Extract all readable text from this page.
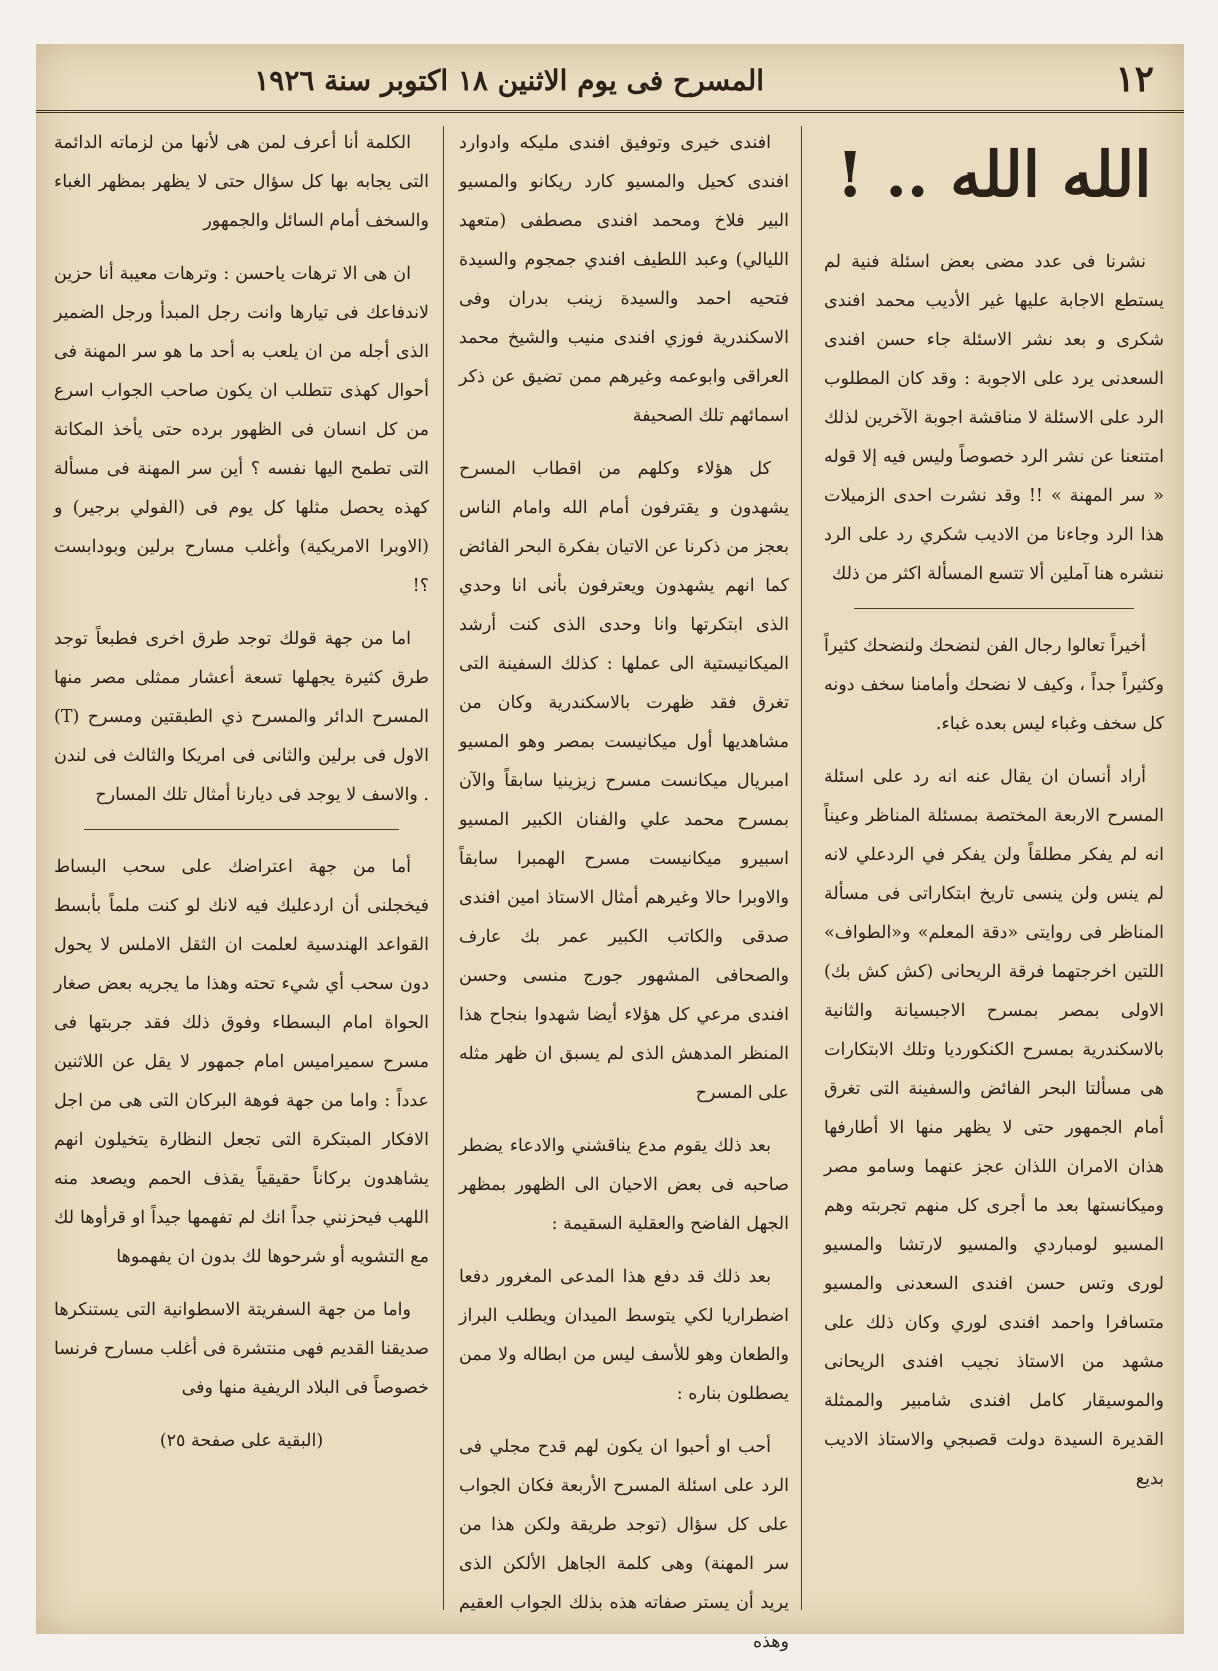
١٢
المسرح فى يوم الاثنين ١٨ اكتوبر سنة ١٩٢٦
الله الله .. !

نشرنا فى عدد مضى بعض اسئلة فنية لم يستطع الاجابة عليها غير الأديب محمد افندى شكرى و بعد نشر الاسئلة جاء حسن افندى السعدنى يرد على الاجوبة : وقد كان المطلوب الرد على الاسئلة لا مناقشة اجوبة الآخرين لذلك امتنعنا عن نشر الرد خصوصاً وليس فيه إلا قوله « سر المهنة » !! وقد نشرت احدى الزميلات هذا الرد وجاءنا من الاديب شكري رد على الرد ننشره هنا آملين ألا تتسع المسألة اكثر من ذلك

أخيراً تعالوا رجال الفن لنضحك ولنضحك كثيراً وكثيراً جداً ، وكيف لا نضحك وأمامنا سخف دونه كل سخف وغباء ليس بعده غباء.

أراد أنسان ان يقال عنه انه رد على اسئلة المسرح الاربعة المختصة بمسئلة المناظر وعيناً انه لم يفكر مطلقاً ولن يفكر في الردعلي لانه لم ينس ولن ينسى تاريخ ابتكاراتى فى مسألة المناظر فى روايتى «دقة المعلم» و«الطواف» اللتين اخرجتهما فرقة الريحانى (كش كش بك) الاولى بمصر بمسرح الاجبسيانة والثانية بالاسكندرية بمسرح الكنكورديا وتلك الابتكارات هى مسألتا البحر الفائض والسفينة التى تغرق أمام الجمهور حتى لا يظهر منها الا أطارفها هذان الامران اللذان عجز عنهما وسامو مصر وميكانستها بعد ما أجرى كل منهم تجربته وهم المسيو لومباردي والمسيو لارتشا والمسيو لورى وتس حسن افندى السعدنى والمسيو متسافرا واحمد افندى لوري وكان ذلك على مشهد من الاستاذ نجيب افندى الريحانى والموسيقار كامل افندى شامبير والممثلة القديرة السيدة دولت قصبجي والاستاذ الاديب بديع

افندى خيرى وتوفيق افندى مليكه وادوارد افندى كحيل والمسيو كارد ريكانو والمسيو البير فلاخ ومحمد افندى مصطفى (متعهد الليالي) وعبد اللطيف افندي جمجوم والسيدة فتحيه احمد والسيدة زينب بدران وفى الاسكندرية فوزي افندى منيب والشيخ محمد العراقى وابوعمه وغيرهم ممن تضيق عن ذكر اسمائهم تلك الصحيفة

كل هؤلاء وكلهم من اقطاب المسرح يشهدون و يقترفون أمام الله وامام الناس بعجز من ذكرنا عن الاتيان بفكرة البحر الفائض كما انهم يشهدون ويعترفون بأنى انا وحدي الذى ابتكرتها وانا وحدى الذى كنت أرشد الميكانيستية الى عملها : كذلك السفينة التى تغرق فقد ظهرت بالاسكندرية وكان من مشاهديها أول ميكانيست بمصر وهو المسيو امبريال ميكانست مسرح زيزينيا سابقاً والآن بمسرح محمد علي والفنان الكبير المسيو اسبيرو ميكانيست مسرح الهمبرا سابقاً والاوبرا حالا وغيرهم أمثال الاستاذ امين افندى صدقى والكاتب الكبير عمر بك عارف والصحافى المشهور جورج منسى وحسن افندى مرعي كل هؤلاء أيضا شهدوا بنجاح هذا المنظر المدهش الذى لم يسبق ان ظهر مثله على المسرح

بعد ذلك يقوم مدع يناقشني والادعاء يضطر صاحبه فى بعض الاحيان الى الظهور بمظهر الجهل الفاضح والعقلية السقيمة :

بعد ذلك قد دفع هذا المدعى المغرور دفعا اضطراريا لكي يتوسط الميدان ويطلب البراز والطعان وهو للأسف ليس من ابطاله ولا ممن يصطلون بناره :

أحب او أحبوا ان يكون لهم قدح مجلي فى الرد على اسئلة المسرح الأربعة فكان الجواب على كل سؤال (توجد طريقة ولكن هذا من سر المهنة) وهى كلمة الجاهل الألكن الذى يريد أن يستر صفاته هذه بذلك الجواب العقيم وهذه

الكلمة أنا أعرف لمن هى لأنها من لزماته الدائمة التى يجابه بها كل سؤال حتى لا يظهر بمظهر الغباء والسخف أمام السائل والجمهور

ان هى الا ترهات ياحسن : وترهات معيبة أنا حزين لاندفاعك فى تيارها وانت رجل المبدأ ورجل الضمير الذى أجله من ان يلعب به أحد ما هو سر المهنة فى أحوال كهذى تتطلب ان يكون صاحب الجواب اسرع من كل انسان فى الظهور برده حتى يأخذ المكانة التى تطمح اليها نفسه ؟ أين سر المهنة فى مسألة كهذه يحصل مثلها كل يوم فى (الفولي برجير) و (الاوبرا الامريكية) وأغلب مسارح برلين وبودابست ؟!

اما من جهة قولك توجد طرق اخرى فطبعاً توجد طرق كثيرة يجهلها تسعة أعشار ممثلى مصر منها المسرح الدائر والمسرح ذي الطبقتين ومسرح (T) الاول فى برلين والثانى فى امريكا والثالث فى لندن . والاسف لا يوجد فى ديارنا أمثال تلك المسارح

أما من جهة اعتراضك على سحب البساط فيخجلنى أن اردعليك فيه لانك لو كنت ملماً بأبسط القواعد الهندسية لعلمت ان الثقل الاملس لا يحول دون سحب أي شيء تحته وهذا ما يجريه بعض صغار الحواة امام البسطاء وفوق ذلك فقد جربتها فى مسرح سميراميس امام جمهور لا يقل عن اللاثنين عدداً : واما من جهة فوهة البركان التى هى من اجل الافكار المبتكرة التى تجعل النظارة يتخيلون انهم يشاهدون بركاناً حقيقياً يقذف الحمم ويصعد منه اللهب فيحزنني جداً انك لم تفهمها جيداً او قرأوها لك مع التشويه أو شرحوها لك بدون ان يفهموها

واما من جهة السفريتة الاسطوانية التى يستنكرها صديقنا القديم فهى منتشرة فى أغلب مسارح فرنسا خصوصاً فى البلاد الريفية منها وفى

(البقية على صفحة ٢٥)
